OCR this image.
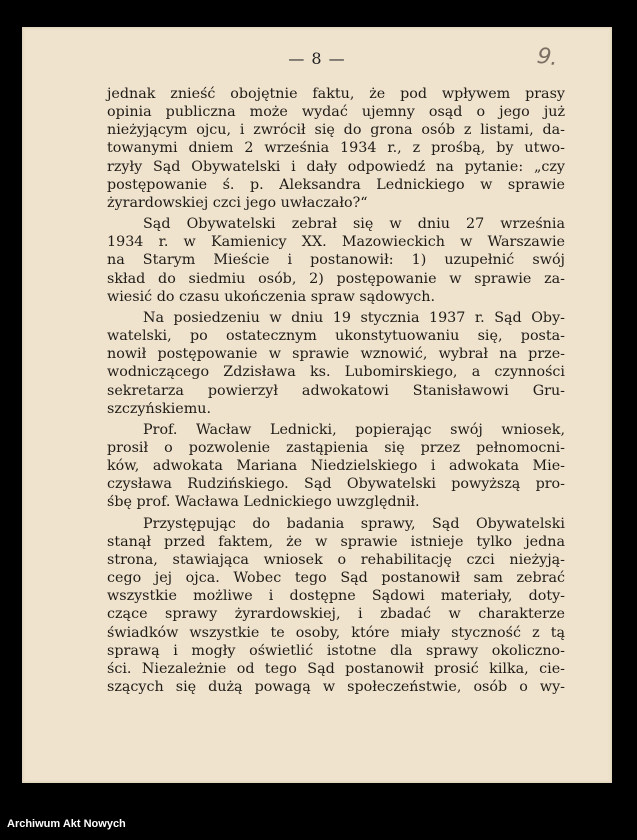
— 8 —	9.
jednak znieść obojętnie faktu, że pod wpływem prasy
opinia publiczna może wydać ujemny osąd o jego już
nieżyjącym ojcu, i zwrócił się do grona osób z listami, da-
towanymi dniem 2 września 1934 r., z prośbą, by utwo-
rzyły Sąd Obywatelski i dały odpowiedź na pytanie: „czy
postępowanie ś. p. Aleksandra Lednickiego w sprawie
żyrardowskiej czci jego uwłaczało?“
Sąd Obywatelski zebrał się w dniu 27 września
1934 r. w Kamienicy XX. Mazowieckich w Warszawie
na Starym Mieście i postanowił: 1) uzupełnić swój
skład do siedmiu osób, 2) postępowanie w sprawie za-
wiesić do czasu ukończenia spraw sądowych.
Na posiedzeniu w dniu 19 stycznia 1937 r. Sąd Oby-
watelski, po ostatecznym ukonstytuowaniu się, posta-
nowił postępowanie w sprawie wznowić, wybrał na prze-
wodniczącego Zdzisława ks. Lubomirskiego, a czynności
sekretarza powierzył adwokatowi Stanisławowi Gru-
szczyńskiemu.
Prof. Wacław Lednicki, popierając swój wniosek,
prosił o pozwolenie zastąpienia się przez pełnomocni-
ków, adwokata Mariana Niedzielskiego i adwokata Mie-
czysława Rudzińskiego. Sąd Obywatelski powyższą pro-
śbę prof. Wacława Lednickiego uwzględnił.
Przystępując do badania sprawy, Sąd Obywatelski
stanął przed faktem, że w sprawie istnieje tylko jedna
strona, stawiająca wniosek o rehabilitację czci nieżyją-
cego jej ojca. Wobec tego Sąd postanowił sam zebrać
wszystkie możliwe i dostępne Sądowi materiały, doty-
czące sprawy żyrardowskiej, i zbadać w charakterze
świadków wszystkie te osoby, które miały styczność z tą
sprawą i mogły oświetlić istotne dla sprawy okoliczno-
ści. Niezależnie od tego Sąd postanowił prosić kilka, cie-
szących się dużą powagą w społeczeństwie, osób o wy-
Archiwum Akt Nowych
